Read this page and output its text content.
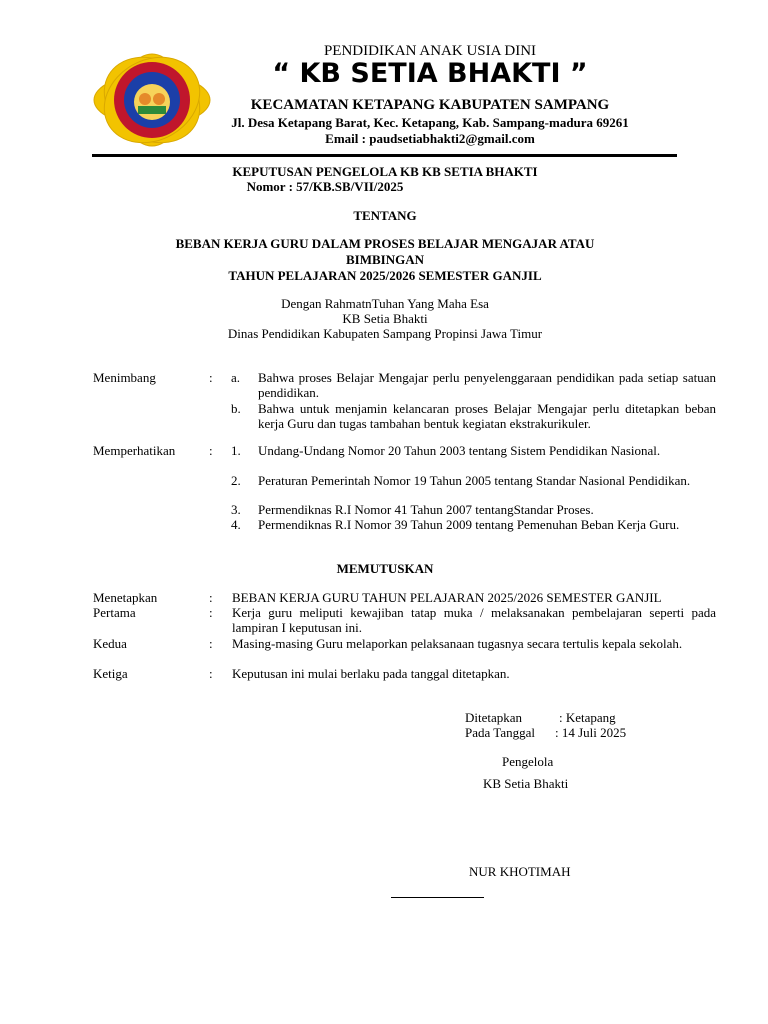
PENDIDIKAN ANAK USIA DINI
“ KB SETIA BHAKTI ”
KECAMATAN KETAPANG KABUPATEN SAMPANG
Jl. Desa Ketapang Barat, Kec. Ketapang, Kab. Sampang-madura 69261
Email : paudsetiabhakti2@gmail.com
KEPUTUSAN PENGELOLA KB KB SETIA BHAKTI
Nomor : 57/KB.SB/VII/2025
TENTANG
BEBAN KERJA GURU DALAM PROSES BELAJAR MENGAJAR ATAU
BIMBINGAN
TAHUN PELAJARAN 2025/2026 SEMESTER GANJIL
Dengan RahmatnTuhan Yang Maha Esa
KB Setia Bhakti
Dinas Pendidikan Kabupaten Sampang Propinsi Jawa Timur
Menimbang	: a. Bahwa proses Belajar Mengajar perlu penyelenggaraan pendidikan pada setiap satuan pendidikan.
b. Bahwa untuk menjamin kelancaran proses Belajar Mengajar perlu ditetapkan beban kerja Guru dan tugas tambahan bentuk kegiatan ekstrakurikuler.
Memperhatikan	: 1. Undang-Undang Nomor 20 Tahun 2003 tentang Sistem Pendidikan Nasional.
2. Peraturan Pemerintah Nomor 19 Tahun 2005 tentang Standar Nasional Pendidikan.
3. Permendiknas R.I Nomor 41 Tahun 2007 tentangStandar Proses.
4. Permendiknas R.I Nomor 39 Tahun 2009 tentang Pemenuhan Beban Kerja Guru.
MEMUTUSKAN
Menetapkan	: BEBAN KERJA GURU TAHUN PELAJARAN 2025/2026 SEMESTER GANJIL
Pertama	: Kerja guru meliputi kewajiban tatap muka / melaksanakan pembelajaran seperti pada lampiran I keputusan ini.
Kedua	: Masing-masing Guru melaporkan pelaksanaan tugasnya secara tertulis kepala sekolah.
Ketiga	: Keputusan ini mulai berlaku pada tanggal ditetapkan.
Ditetapkan	: Ketapang
Pada Tanggal : 14 Juli 2025
Pengelola
KB Setia Bhakti
NUR KHOTIMAH
